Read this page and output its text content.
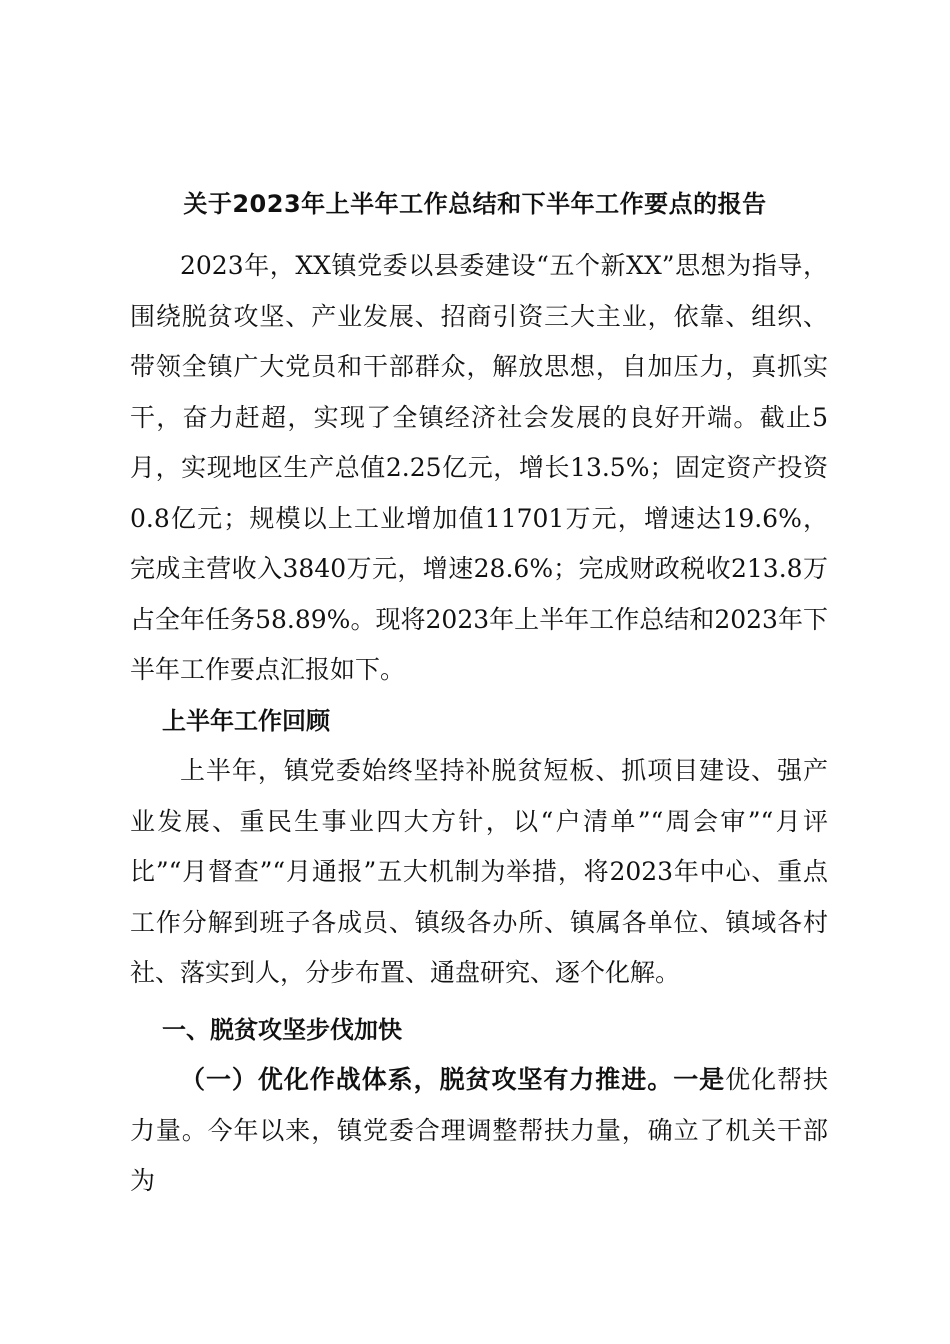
关于2023年上半年工作总结和下半年工作要点的报告

2023年，XX镇党委以县委建设“五个新XX”思想为指导，围绕脱贫攻坚、产业发展、招商引资三大主业，依靠、组织、带领全镇广大党员和干部群众，解放思想，自加压力，真抓实干，奋力赶超，实现了全镇经济社会发展的良好开端。截止5月，实现地区生产总值2.25亿元，增长13.5%；固定资产投资0.8亿元；规模以上工业增加值11701万元，增速达19.6%，完成主营收入3840万元，增速28.6%；完成财政税收213.8万占全年任务58.89%。现将2023年上半年工作总结和2023年下半年工作要点汇报如下。

上半年工作回顾

上半年，镇党委始终坚持补脱贫短板、抓项目建设、强产业发展、重民生事业四大方针，以“户清单”“周会审”“月评比”“月督查”“月通报”五大机制为举措，将2023年中心、重点工作分解到班子各成员、镇级各办所、镇属各单位、镇域各村社、落实到人，分步布置、通盘研究、逐个化解。

一、脱贫攻坚步伐加快

（一）优化作战体系，脱贫攻坚有力推进。一是优化帮扶力量。今年以来，镇党委合理调整帮扶力量，确立了机关干部为
